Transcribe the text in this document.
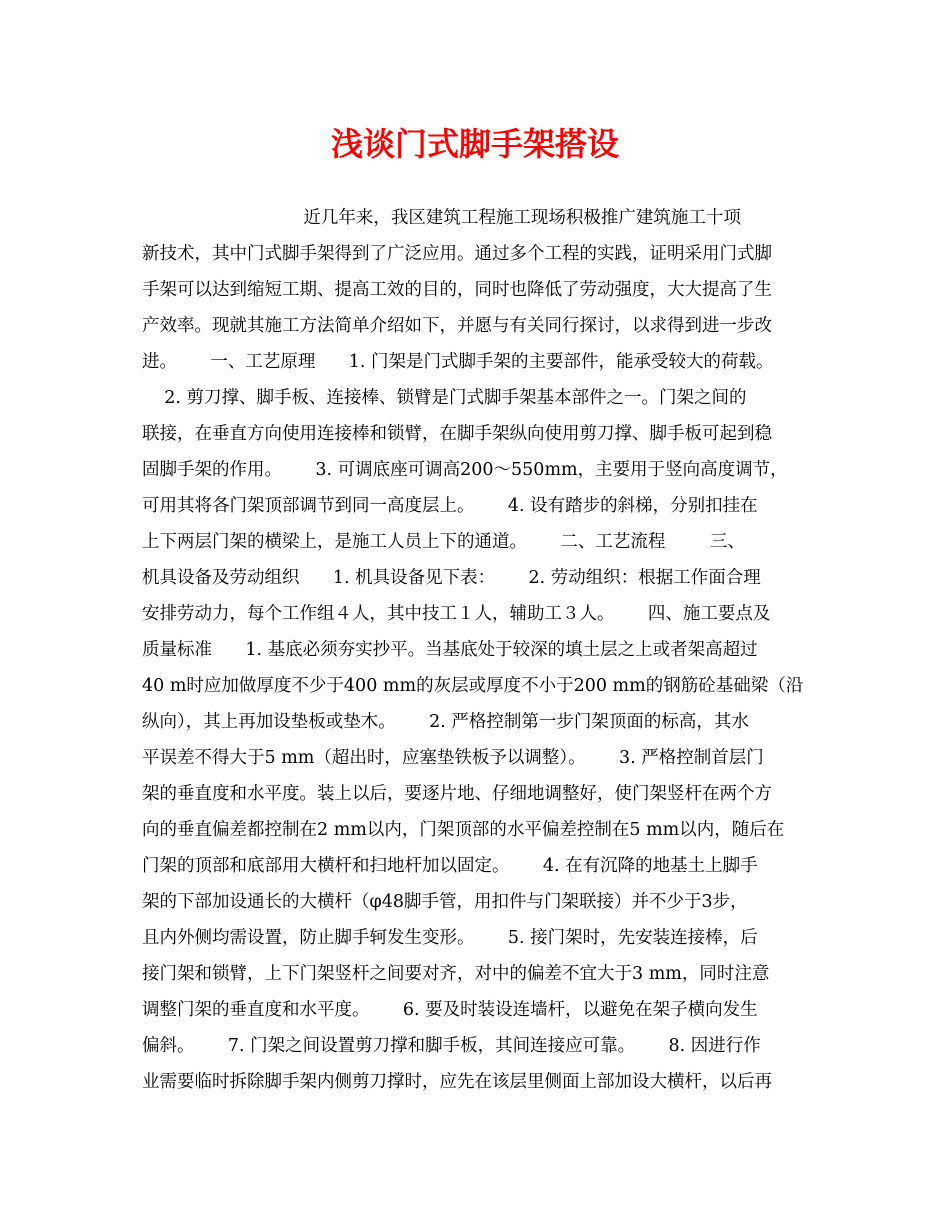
浅谈门式脚手架搭设
近几年来，我区建筑工程施工现场积极推广建筑施工十项
新技术，其中门式脚手架得到了广泛应用。通过多个工程的实践，证明采用门式脚
手架可以达到缩短工期、提高工效的目的，同时也降低了劳动强度，大大提高了生
产效率。现就其施工方法简单介绍如下，并愿与有关同行探讨，以求得到进一步改
进。      一、工艺原理      1. 门架是门式脚手架的主要部件，能承受较大的荷载。
2. 剪刀撑、脚手板、连接棒、锁臂是门式脚手架基本部件之一。门架之间的
联接，在垂直方向使用连接棒和锁臂，在脚手架纵向使用剪刀撑、脚手板可起到稳
固脚手架的作用。      3. 可调底座可调高200～550mm，主要用于竖向高度调节，
可用其将各门架顶部调节到同一高度层上。      4. 设有踏步的斜梯，分别扣挂在
上下两层门架的横梁上，是施工人员上下的通道。      二、工艺流程        三、
机具设备及劳动组织      1. 机具设备见下表：      2. 劳动组织：根据工作面合理
安排劳动力，每个工作组４人，其中技工１人，辅助工３人。      四、施工要点及
质量标准      1. 基底必须夯实抄平。当基底处于较深的填土层之上或者架高超过
40 m时应加做厚度不少于400 mm的灰层或厚度不小于200 mm的钢筋砼基础梁（沿
纵向），其上再加设垫板或垫木。      2. 严格控制第一步门架顶面的标高，其水
平误差不得大于5 mm（超出时，应塞垫铁板予以调整）。      3. 严格控制首层门
架的垂直度和水平度。装上以后，要逐片地、仔细地调整好，使门架竖杆在两个方
向的垂直偏差都控制在2 mm以内，门架顶部的水平偏差控制在5 mm以内，随后在
门架的顶部和底部用大横杆和扫地杆加以固定。      4. 在有沉降的地基土上脚手
架的下部加设通长的大横杆（φ48脚手管，用扣件与门架联接）并不少于3步，
且内外侧均需设置，防止脚手轲发生变形。      5. 接门架时，先安装连接棒，后
接门架和锁臂，上下门架竖杆之间要对齐，对中的偏差不宜大于3 mm，同时注意
调整门架的垂直度和水平度。      6. 要及时装设连墙杆，以避免在架子横向发生
偏斜。      7. 门架之间设置剪刀撑和脚手板，其间连接应可靠。      8. 因进行作
业需要临时拆除脚手架内侧剪刀撑时，应先在该层里侧面上部加设大横杆，以后再
